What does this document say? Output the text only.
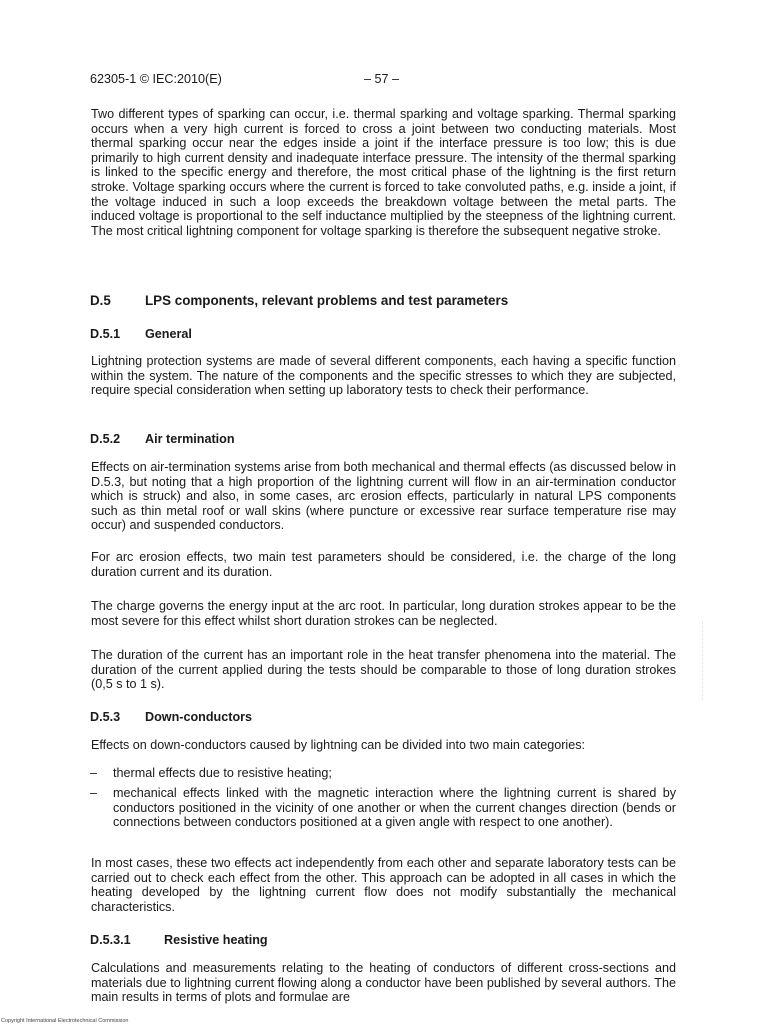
62305-1 © IEC:2010(E)	– 57 –

Two different types of sparking can occur, i.e. thermal sparking and voltage sparking. Thermal sparking occurs when a very high current is forced to cross a joint between two conducting materials. Most thermal sparking occur near the edges inside a joint if the interface pressure is too low; this is due primarily to high current density and inadequate interface pressure. The intensity of the thermal sparking is linked to the specific energy and therefore, the most critical phase of the lightning is the first return stroke. Voltage sparking occurs where the current is forced to take convoluted paths, e.g. inside a joint, if the voltage induced in such a loop exceeds the breakdown voltage between the metal parts. The induced voltage is proportional to the self inductance multiplied by the steepness of the lightning current. The most critical lightning component for voltage sparking is therefore the subsequent negative stroke.

D.5	LPS components, relevant problems and test parameters
D.5.1 General

Lightning protection systems are made of several different components, each having a specific function within the system. The nature of the components and the specific stresses to which they are subjected, require special consideration when setting up laboratory tests to check their performance.

D.5.2 Air termination

Effects on air-termination systems arise from both mechanical and thermal effects (as discussed below in D.5.3, but noting that a high proportion of the lightning current will flow in an air-termination conductor which is struck) and also, in some cases, arc erosion effects, particularly in natural LPS components such as thin metal roof or wall skins (where puncture or excessive rear surface temperature rise may occur) and suspended conductors.

For arc erosion effects, two main test parameters should be considered, i.e. the charge of the long duration current and its duration.

The charge governs the energy input at the arc root. In particular, long duration strokes appear to be the most severe for this effect whilst short duration strokes can be neglected.

The duration of the current has an important role in the heat transfer phenomena into the material. The duration of the current applied during the tests should be comparable to those of long duration strokes (0,5 s to 1 s).

D.5.3 Down-conductors

Effects on down-conductors caused by lightning can be divided into two main categories:

– thermal effects due to resistive heating;
– mechanical effects linked with the magnetic interaction where the lightning current is shared by conductors positioned in the vicinity of one another or when the current changes direction (bends or connections between conductors positioned at a given angle with respect to one another).

In most cases, these two effects act independently from each other and separate laboratory tests can be carried out to check each effect from the other. This approach can be adopted in all cases in which the heating developed by the lightning current flow does not modify substantially the mechanical characteristics.

D.5.3.1	Resistive heating

Calculations and measurements relating to the heating of conductors of different cross-sections and materials due to lightning current flowing along a conductor have been published by several authors. The main results in terms of plots and formulae are

Copyright International Electrotechnical Commission
